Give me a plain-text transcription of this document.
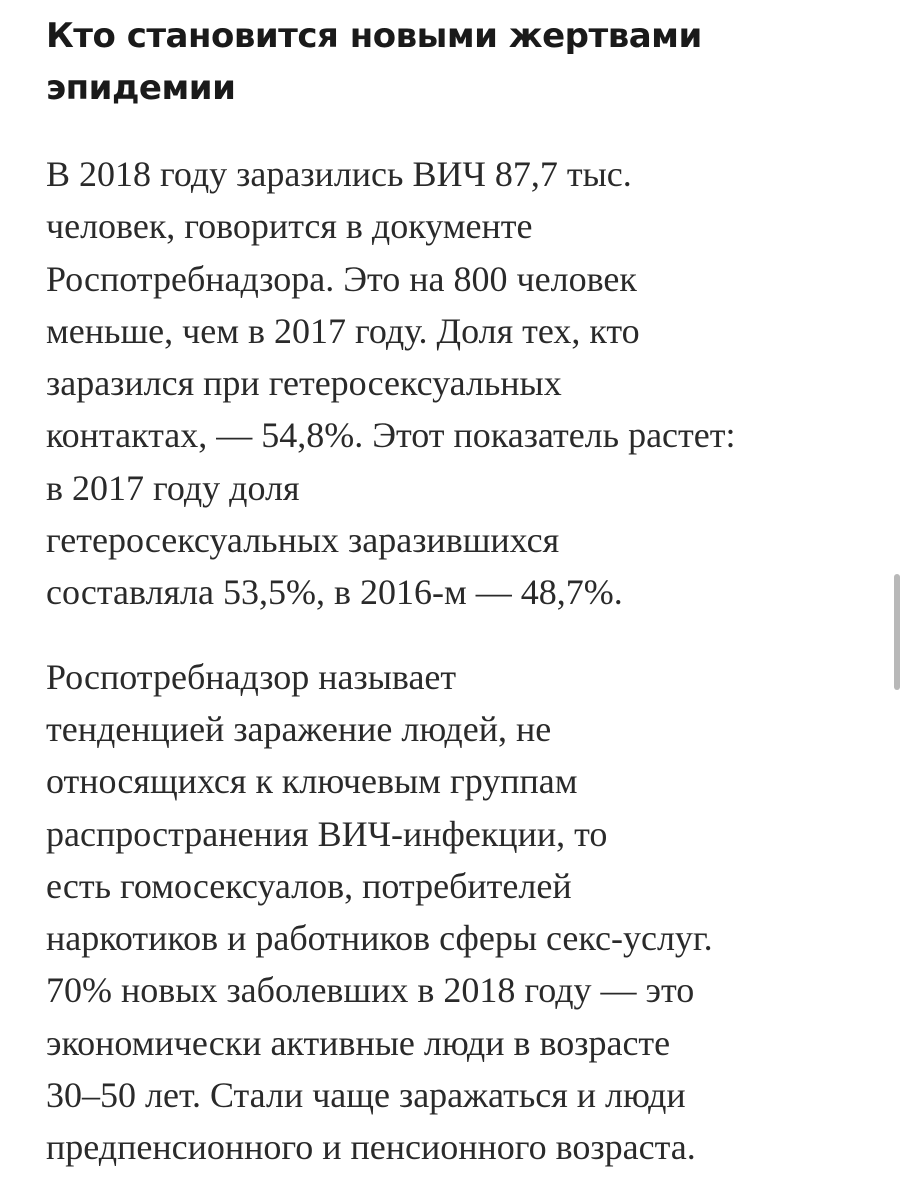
Кто становится новыми жертвами
эпидемии

В 2018 году заразились ВИЧ 87,7 тыс.
человек, говорится в документе
Роспотребнадзора. Это на 800 человек
меньше, чем в 2017 году. Доля тех, кто
заразился при гетеросексуальных
контактах, — 54,8%. Этот показатель растет:
в 2017 году доля
гетеросексуальных заразившихся
составляла 53,5%, в 2016-м — 48,7%.

Роспотребнадзор называет
тенденцией заражение людей, не
относящихся к ключевым группам
распространения ВИЧ-инфекции, то
есть гомосексуалов, потребителей
наркотиков и работников сферы секс-услуг.
70% новых заболевших в 2018 году — это
экономически активные люди в возрасте
30–50 лет. Стали чаще заражаться и люди
предпенсионного и пенсионного возраста.
